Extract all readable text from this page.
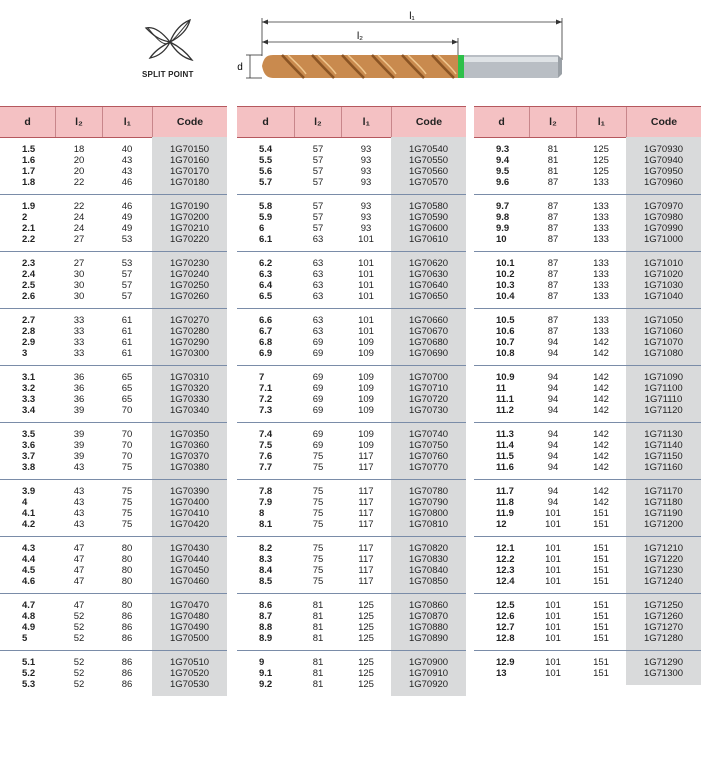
SPLIT POINT
l₁
l₂
d
d	l₂	l₁	Code
1.5	18	40	1G70150
1.6	20	43	1G70160
1.7	20	43	1G70170
1.8	22	46	1G70180
1.9	22	46	1G70190
2	24	49	1G70200
2.1	24	49	1G70210
2.2	27	53	1G70220
2.3	27	53	1G70230
2.4	30	57	1G70240
2.5	30	57	1G70250
2.6	30	57	1G70260
2.7	33	61	1G70270
2.8	33	61	1G70280
2.9	33	61	1G70290
3	33	61	1G70300
3.1	36	65	1G70310
3.2	36	65	1G70320
3.3	36	65	1G70330
3.4	39	70	1G70340
3.5	39	70	1G70350
3.6	39	70	1G70360
3.7	39	70	1G70370
3.8	43	75	1G70380
3.9	43	75	1G70390
4	43	75	1G70400
4.1	43	75	1G70410
4.2	43	75	1G70420
4.3	47	80	1G70430
4.4	47	80	1G70440
4.5	47	80	1G70450
4.6	47	80	1G70460
4.7	47	80	1G70470
4.8	52	86	1G70480
4.9	52	86	1G70490
5	52	86	1G70500
5.1	52	86	1G70510
5.2	52	86	1G70520
5.3	52	86	1G70530
d	l₂	l₁	Code
5.4	57	93	1G70540
5.5	57	93	1G70550
5.6	57	93	1G70560
5.7	57	93	1G70570
5.8	57	93	1G70580
5.9	57	93	1G70590
6	57	93	1G70600
6.1	63	101	1G70610
6.2	63	101	1G70620
6.3	63	101	1G70630
6.4	63	101	1G70640
6.5	63	101	1G70650
6.6	63	101	1G70660
6.7	63	101	1G70670
6.8	69	109	1G70680
6.9	69	109	1G70690
7	69	109	1G70700
7.1	69	109	1G70710
7.2	69	109	1G70720
7.3	69	109	1G70730
7.4	69	109	1G70740
7.5	69	109	1G70750
7.6	75	117	1G70760
7.7	75	117	1G70770
7.8	75	117	1G70780
7.9	75	117	1G70790
8	75	117	1G70800
8.1	75	117	1G70810
8.2	75	117	1G70820
8.3	75	117	1G70830
8.4	75	117	1G70840
8.5	75	117	1G70850
8.6	81	125	1G70860
8.7	81	125	1G70870
8.8	81	125	1G70880
8.9	81	125	1G70890
9	81	125	1G70900
9.1	81	125	1G70910
9.2	81	125	1G70920
d	l₂	l₁	Code
9.3	81	125	1G70930
9.4	81	125	1G70940
9.5	81	125	1G70950
9.6	87	133	1G70960
9.7	87	133	1G70970
9.8	87	133	1G70980
9.9	87	133	1G70990
10	87	133	1G71000
10.1	87	133	1G71010
10.2	87	133	1G71020
10.3	87	133	1G71030
10.4	87	133	1G71040
10.5	87	133	1G71050
10.6	87	133	1G71060
10.7	94	142	1G71070
10.8	94	142	1G71080
10.9	94	142	1G71090
11	94	142	1G71100
11.1	94	142	1G71110
11.2	94	142	1G71120
11.3	94	142	1G71130
11.4	94	142	1G71140
11.5	94	142	1G71150
11.6	94	142	1G71160
11.7	94	142	1G71170
11.8	94	142	1G71180
11.9	101	151	1G71190
12	101	151	1G71200
12.1	101	151	1G71210
12.2	101	151	1G71220
12.3	101	151	1G71230
12.4	101	151	1G71240
12.5	101	151	1G71250
12.6	101	151	1G71260
12.7	101	151	1G71270
12.8	101	151	1G71280
12.9	101	151	1G71290
13	101	151	1G71300
